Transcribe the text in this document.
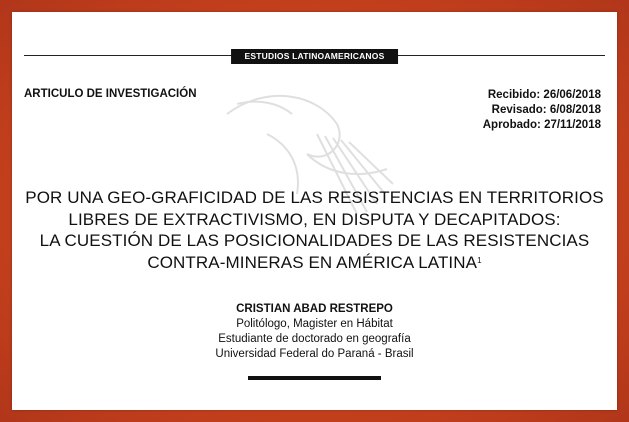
ESTUDIOS LATINOAMERICANOS
ARTICULO DE INVESTIGACIÓN	Recibido: 26/06/2018
Revisado: 6/08/2018
Aprobado: 27/11/2018
POR UNA GEO-GRAFICIDAD DE LAS RESISTENCIAS EN TERRITORIOS
LIBRES DE EXTRACTIVISMO, EN DISPUTA Y DECAPITADOS:
LA CUESTIÓN DE LAS POSICIONALIDADES DE LAS RESISTENCIAS
CONTRA-MINERAS EN AMÉRICA LATINA$^1$
CRISTIAN ABAD RESTREPO
Politólogo, Magister en Hábitat
Estudiante de doctorado en geografía
Universidad Federal do Paraná - Brasil
